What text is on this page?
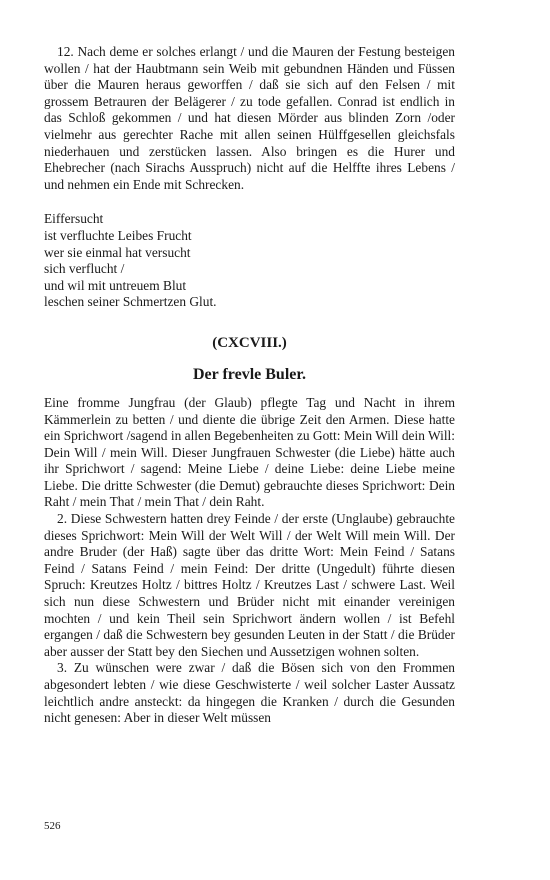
12. Nach deme er solches erlangt / und die Mauren der Festung besteigen wollen / hat der Haubtmann sein Weib mit gebundnen Händen und Füssen über die Mauren heraus geworffen / daß sie sich auf den Felsen / mit grossem Betrauren der Belägerer / zu tode gefallen. Conrad ist endlich in das Schloß gekommen / und hat diesen Mörder aus blinden Zorn /oder vielmehr aus gerechter Rache mit allen seinen Hülffgesellen gleichsfals niederhauen und zerstücken lassen. Also bringen es die Hurer und Ehebrecher (nach Sirachs Ausspruch) nicht auf die Helffte ihres Lebens / und nehmen ein Ende mit Schrecken.

Eiffersucht
ist verfluchte Leibes Frucht
wer sie einmal hat versucht
sich verflucht /
und wil mit untreuem Blut
leschen seiner Schmertzen Glut.
(CXCVIII.)
Der frevle Buler.

Eine fromme Jungfrau (der Glaub) pflegte Tag und Nacht in ihrem Kämmerlein zu betten / und diente die übrige Zeit den Armen. Diese hatte ein Sprichwort /sagend in allen Begebenheiten zu Gott: Mein Will dein Will: Dein Will / mein Will. Dieser Jungfrauen Schwester (die Liebe) hätte auch ihr Sprichwort / sagend: Meine Liebe / deine Liebe: deine Liebe meine Liebe. Die dritte Schwester (die Demut) gebrauchte dieses Sprichwort: Dein Raht / mein That / mein That / dein Raht.

2. Diese Schwestern hatten drey Feinde / der erste (Unglaube) gebrauchte dieses Sprichwort: Mein Will der Welt Will / der Welt Will mein Will. Der andre Bruder (der Haß) sagte über das dritte Wort: Mein Feind / Satans Feind / Satans Feind / mein Feind: Der dritte (Ungedult) führte diesen Spruch: Kreutzes Holtz / bittres Holtz / Kreutzes Last / schwere Last. Weil sich nun diese Schwestern und Brüder nicht mit einander vereinigen mochten / und kein Theil sein Sprichwort ändern wollen / ist Befehl ergangen / daß die Schwestern bey gesunden Leuten in der Statt / die Brüder aber ausser der Statt bey den Siechen und Aussetzigen wohnen solten.

3. Zu wünschen were zwar / daß die Bösen sich von den Frommen abgesondert lebten / wie diese Geschwisterte / weil solcher Laster Aussatz leichtlich andre ansteckt: da hingegen die Kranken / durch die Gesunden nicht genesen: Aber in dieser Welt müssen

526
